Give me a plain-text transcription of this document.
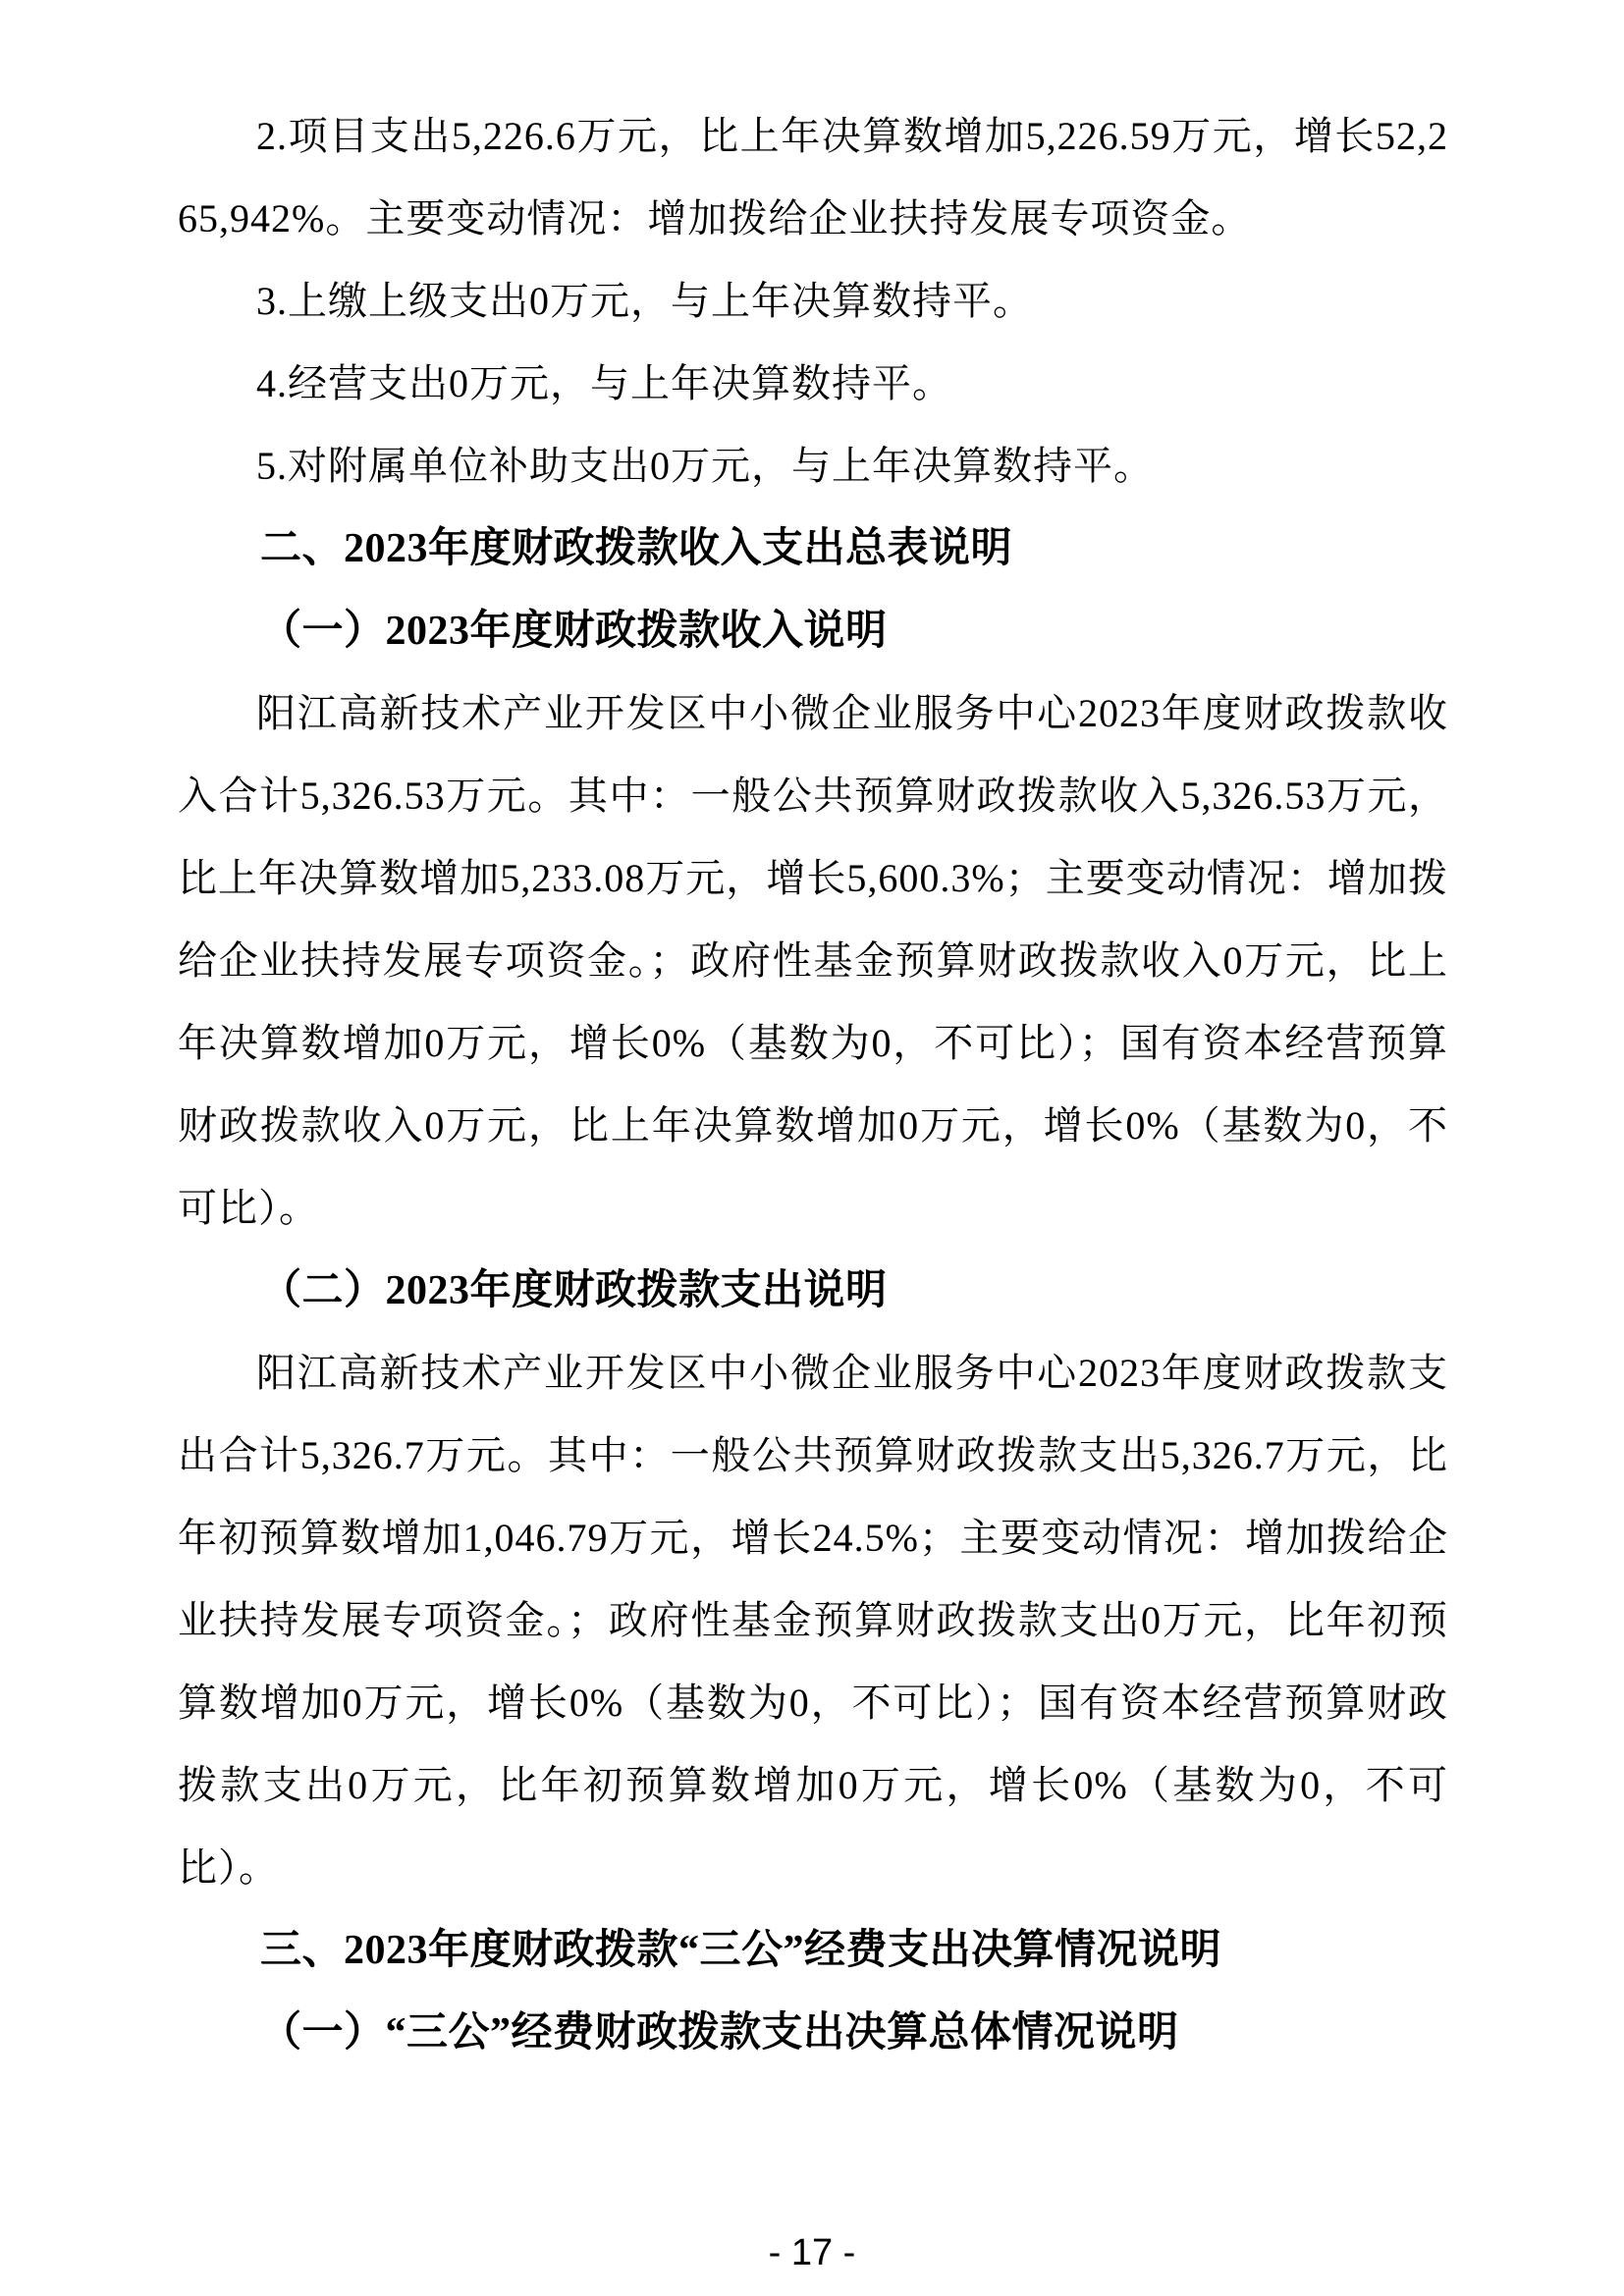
2.项目支出5,226.6万元，比上年决算数增加5,226.59万元，增长52,265,942%。主要变动情况：增加拨给企业扶持发展专项资金。

3.上缴上级支出0万元，与上年决算数持平。

4.经营支出0万元，与上年决算数持平。

5.对附属单位补助支出0万元，与上年决算数持平。

二、2023年度财政拨款收入支出总表说明
（一）2023年度财政拨款收入说明

阳江高新技术产业开发区中小微企业服务中心2023年度财政拨款收入合计5,326.53万元。其中：一般公共预算财政拨款收入5,326.53万元，比上年决算数增加5,233.08万元，增长5,600.3%；主要变动情况：增加拨给企业扶持发展专项资金。；政府性基金预算财政拨款收入0万元，比上年决算数增加0万元，增长0%（基数为0，不可比）；国有资本经营预算财政拨款收入0万元，比上年决算数增加0万元，增长0%（基数为0，不可比）。

（二）2023年度财政拨款支出说明

阳江高新技术产业开发区中小微企业服务中心2023年度财政拨款支出合计5,326.7万元。其中：一般公共预算财政拨款支出5,326.7万元，比年初预算数增加1,046.79万元，增长24.5%；主要变动情况：增加拨给企业扶持发展专项资金。；政府性基金预算财政拨款支出0万元，比年初预算数增加0万元，增长0%（基数为0，不可比）；国有资本经营预算财政拨款支出0万元，比年初预算数增加0万元，增长0%（基数为0，不可比）。

三、2023年度财政拨款“三公”经费支出决算情况说明
（一）“三公”经费财政拨款支出决算总体情况说明
- 17 -
